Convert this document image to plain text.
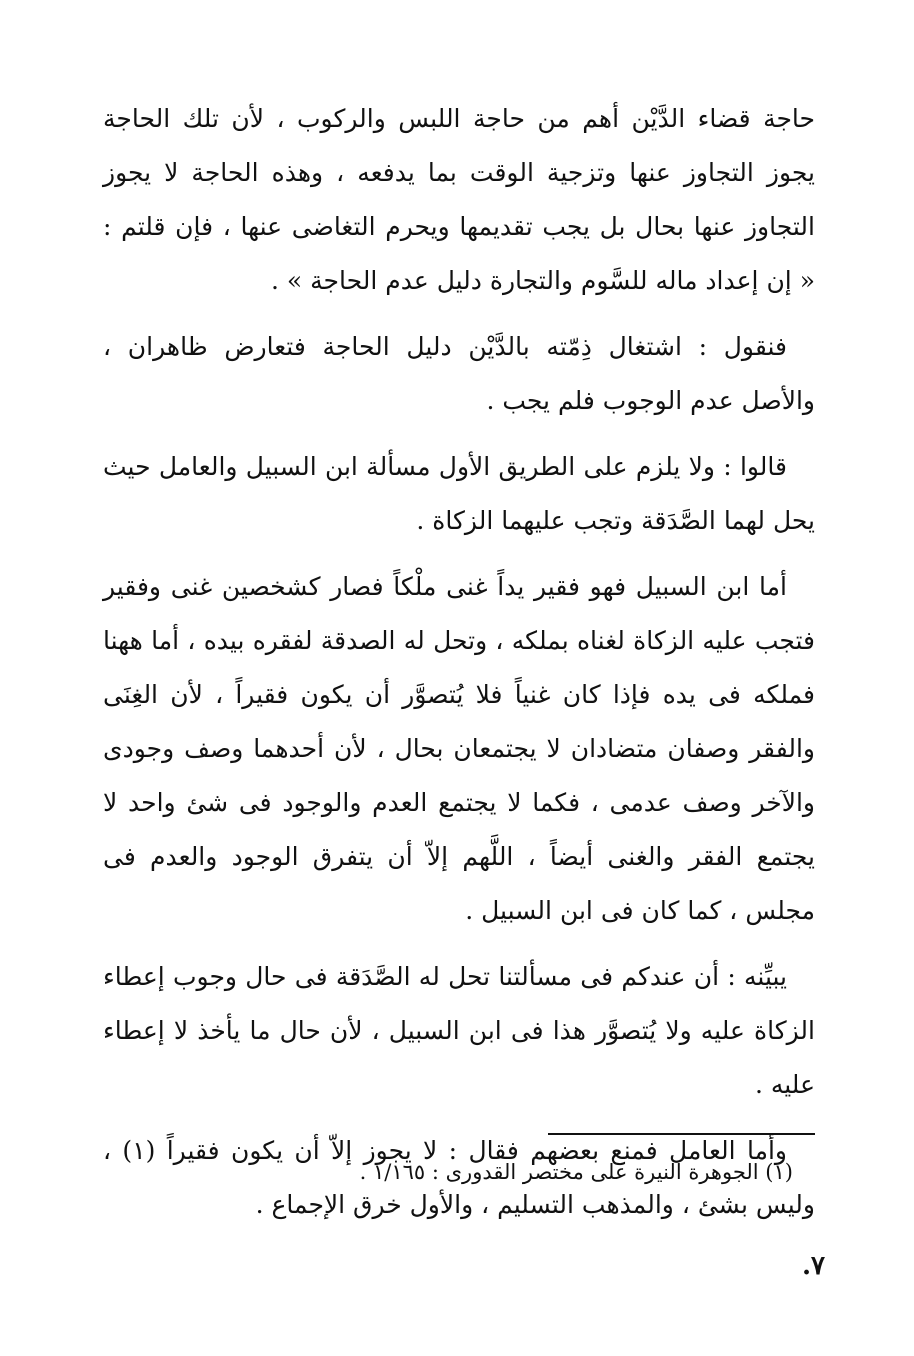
حاجة قضاء الدَّيْن أهم من حاجة اللبس والركوب ، لأن تلك الحاجة يجوز التجاوز عنها وتزجية الوقت بما يدفعه ، وهذه الحاجة لا يجوز التجاوز عنها بحال بل يجب تقديمها ويحرم التغاضى عنها ، فإن قلتم : « إن إعداد ماله للسَّوم والتجارة دليل عدم الحاجة » .

فنقول : اشتغال ذِمّته بالدَّيْن دليل الحاجة فتعارض ظاهران ، والأصل عدم الوجوب فلم يجب .

قالوا : ولا يلزم على الطريق الأول مسألة ابن السبيل والعامل حيث يحل لهما الصَّدَقة وتجب عليهما الزكاة .

أما ابن السبيل فهو فقير يداً غنى ملْكاً فصار كشخصين غنى وفقير فتجب عليه الزكاة لغناه بملكه ، وتحل له الصدقة لفقره بيده ، أما ههنا فملكه فى يده فإذا كان غنياً فلا يُتصوَّر أن يكون فقيراً ، لأن الغِنَى والفقر وصفان متضادان لا يجتمعان بحال ، لأن أحدهما وصف وجودى والآخر وصف عدمى ، فكما لا يجتمع العدم والوجود فى شئ واحد لا يجتمع الفقر والغنى أيضاً ، اللَّهم إلاّ أن يتفرق الوجود والعدم فى مجلس ، كما كان فى ابن السبيل .

يبيِّنه : أن عندكم فى مسألتنا تحل له الصَّدَقة فى حال وجوب إعطاء الزكاة عليه ولا يُتصوَّر هذا فى ابن السبيل ، لأن حال ما يأخذ لا إعطاء عليه .

وأما العامل فمنع بعضهم فقال : لا يجوز إلاّ أن يكون فقيراً (١) ، وليس بشئ ، والمذهب التسليم ، والأول خرق الإجماع .

(١) الجوهرة النيرة على مختصر القدورى : ١/١٦٥ .
٧.
